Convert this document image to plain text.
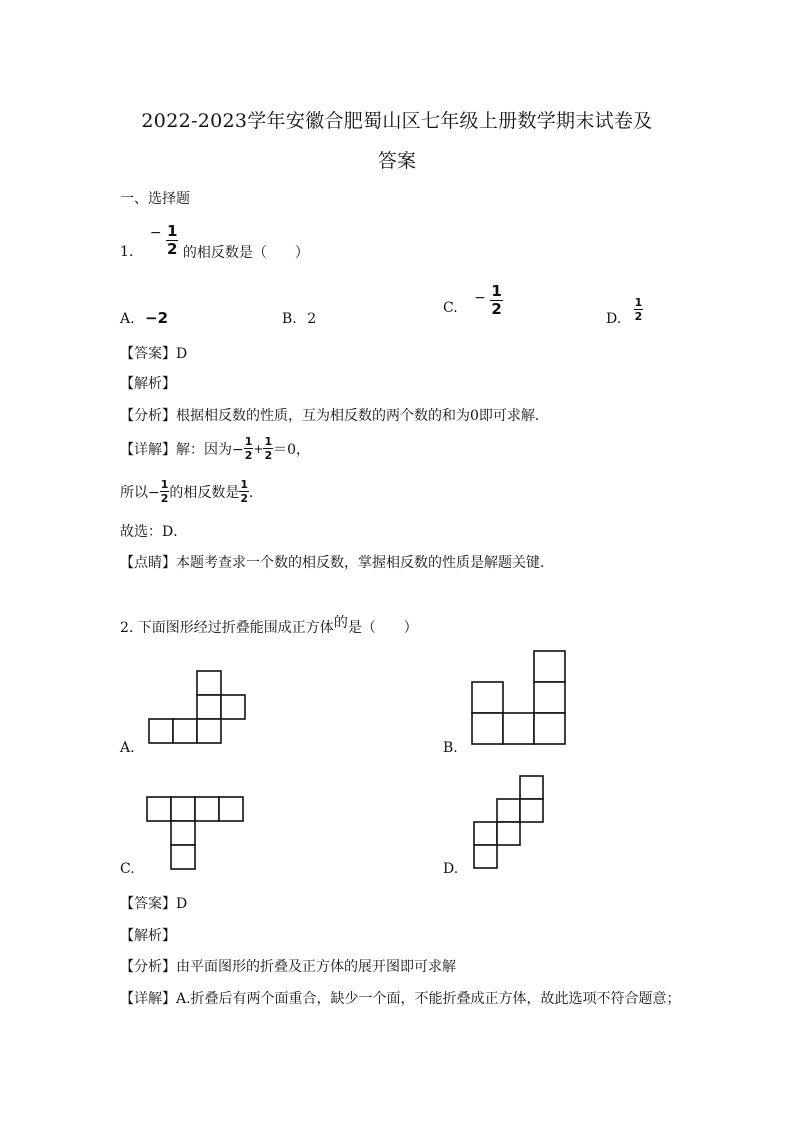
2022-2023学年安徽合肥蜀山区七年级上册数学期末试卷及
答案
一、选择题
1. − $\frac{1}{2}$ 的相反数是（　　）
A. −2	B. 2
C. − $\frac{1}{2}$
D. $\frac{1}{2}$
【答案】D
【解析】
【分析】根据相反数的性质，互为相反数的两个数的和为0即可求解．
【详解】解：因为− $\frac{1}{2} + \frac{1}{2} =0$，
所以− $\frac{1}{2}$ 的相反数是 $\frac{1}{2}$ ．
故选：D．
【点睛】本题考查求一个数的相反数，掌握相反数的性质是解题关键．
2. 下面图形经过折叠能围成正方体的是（　　）
A.	B.
C.	D.
【答案】D
【解析】
【分析】由平面图形的折叠及正方体的展开图即可求解
【详解】A.折叠后有两个面重合，缺少一个面，不能折叠成正方体，故此选项不符合题意；
